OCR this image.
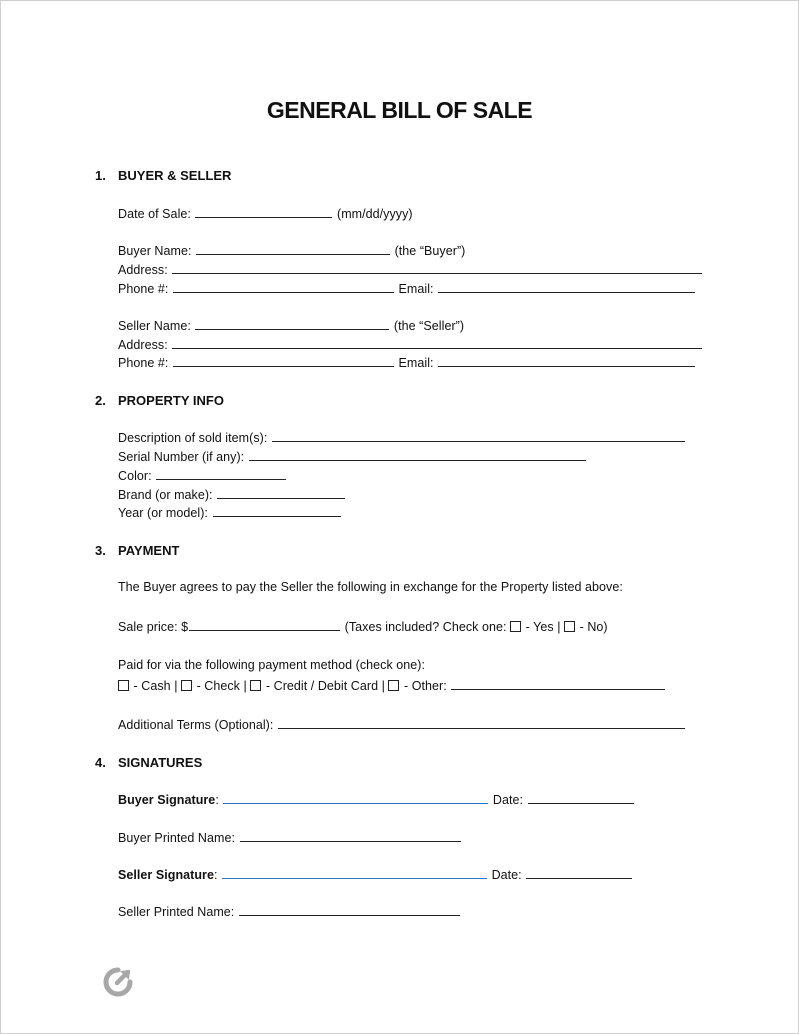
GENERAL BILL OF SALE
1. BUYER & SELLER
Date of Sale:	(mm/dd/yyyy)
Buyer Name:	(the “Buyer”)
Address:
Phone #:	Email:
Seller Name:	(the “Seller”)
Address:
Phone #:	Email:
2. PROPERTY INFO
Description of sold item(s):
Serial Number (if any):
Color:
Brand (or make):
Year (or model):
3. PAYMENT
The Buyer agrees to pay the Seller the following in exchange for the Property listed above:
Sale price: $	(Taxes included? Check one: - Yes | - No)
Paid for via the following payment method (check one):
- Cash | - Check | - Credit / Debit Card | - Other:
Additional Terms (Optional):
4. SIGNATURES
Buyer Signature:	Date:
Buyer Printed Name:
Seller Signature:	Date:
Seller Printed Name:
